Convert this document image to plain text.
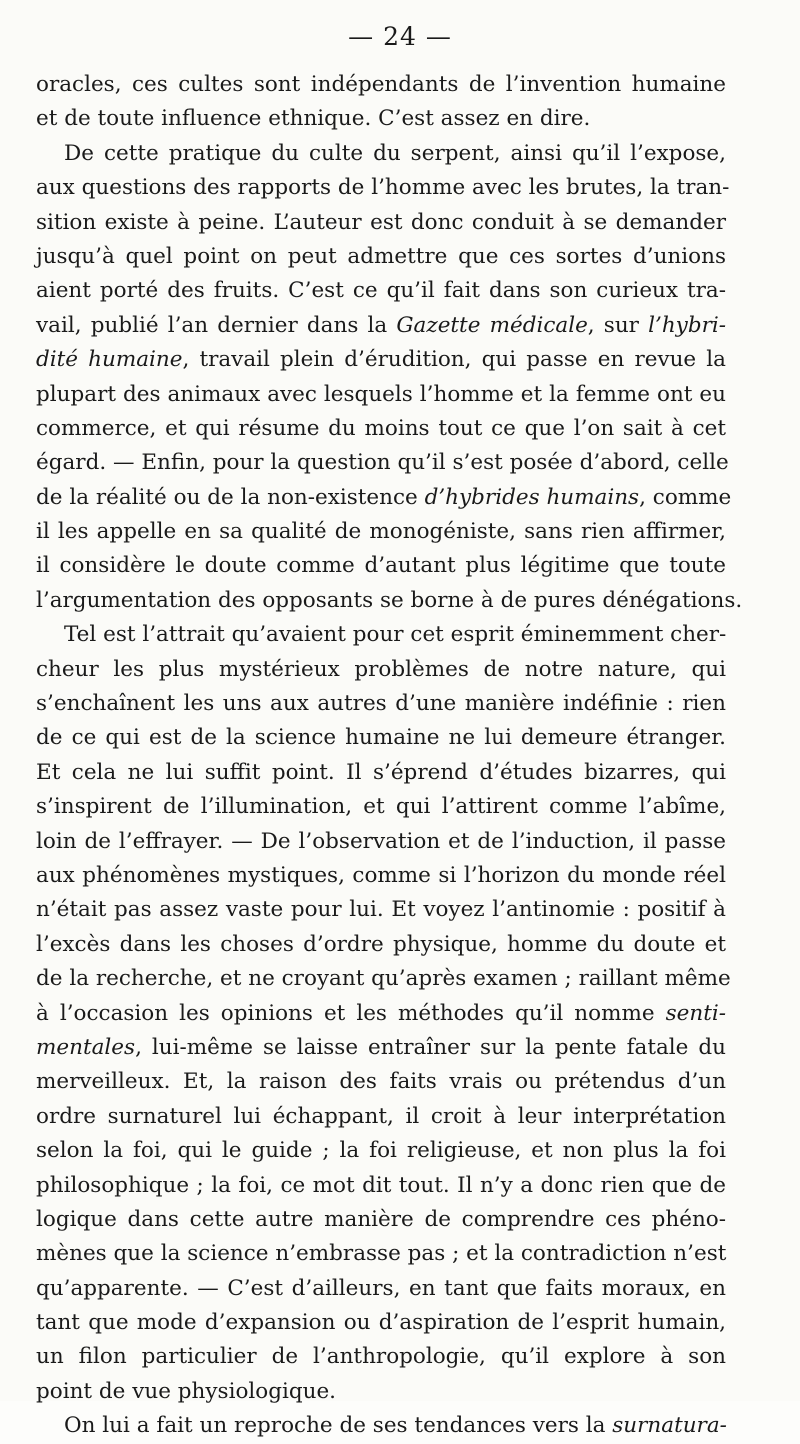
— 24 —
oracles, ces cultes sont indépendants de l’invention humaine
et de toute influence ethnique. C’est assez en dire.
De cette pratique du culte du serpent, ainsi qu’il l’expose,
aux questions des rapports de l’homme avec les brutes, la tran-
sition existe à peine. L’auteur est donc conduit à se demander
jusqu’à quel point on peut admettre que ces sortes d’unions
aient porté des fruits. C’est ce qu’il fait dans son curieux tra-
vail, publié l’an dernier dans la Gazette médicale, sur l’hybri-
dité humaine, travail plein d’érudition, qui passe en revue la
plupart des animaux avec lesquels l’homme et la femme ont eu
commerce, et qui résume du moins tout ce que l’on sait à cet
égard. — Enfin, pour la question qu’il s’est posée d’abord, celle
de la réalité ou de la non-existence d’hybrides humains, comme
il les appelle en sa qualité de monogéniste, sans rien affirmer,
il considère le doute comme d’autant plus légitime que toute
l’argumentation des opposants se borne à de pures dénégations.
Tel est l’attrait qu’avaient pour cet esprit éminemment cher-
cheur les plus mystérieux problèmes de notre nature, qui
s’enchaînent les uns aux autres d’une manière indéfinie : rien
de ce qui est de la science humaine ne lui demeure étranger.
Et cela ne lui suffit point. Il s’éprend d’études bizarres, qui
s’inspirent de l’illumination, et qui l’attirent comme l’abîme,
loin de l’effrayer. — De l’observation et de l’induction, il passe
aux phénomènes mystiques, comme si l’horizon du monde réel
n’était pas assez vaste pour lui. Et voyez l’antinomie : positif à
l’excès dans les choses d’ordre physique, homme du doute et
de la recherche, et ne croyant qu’après examen ; raillant même
à l’occasion les opinions et les méthodes qu’il nomme senti-
mentales, lui-même se laisse entraîner sur la pente fatale du
merveilleux. Et, la raison des faits vrais ou prétendus d’un
ordre surnaturel lui échappant, il croit à leur interprétation
selon la foi, qui le guide ; la foi religieuse, et non plus la foi
philosophique ; la foi, ce mot dit tout. Il n’y a donc rien que de
logique dans cette autre manière de comprendre ces phéno-
mènes que la science n’embrasse pas ; et la contradiction n’est
qu’apparente. — C’est d’ailleurs, en tant que faits moraux, en
tant que mode d’expansion ou d’aspiration de l’esprit humain,
un filon particulier de l’anthropologie, qu’il explore à son
point de vue physiologique.
On lui a fait un reproche de ses tendances vers la surnatura-
